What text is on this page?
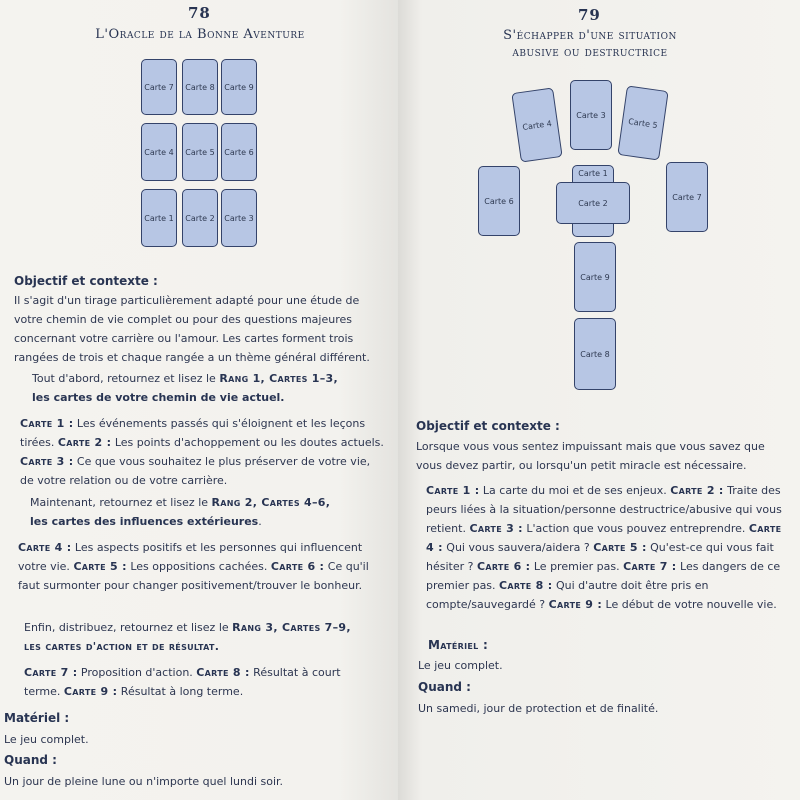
78
L'Oracle de la Bonne Aventure
Carte 7	Carte 8	Carte 9
Carte 4	Carte 5	Carte 6
Carte 1	Carte 2	Carte 3
Objectif et contexte :
Il s'agit d'un tirage particulièrement adapté pour une étude de votre chemin de vie complet ou pour des questions majeures concernant votre carrière ou l'amour. Les cartes forment trois rangées de trois et chaque rangée a un thème général différent.
Tout d'abord, retournez et lisez le Rang 1, Cartes 1–3,
les cartes de votre chemin de vie actuel.
Carte 1 : Les événements passés qui s'éloignent et les leçons tirées. Carte 2 : Les points d'achoppement ou les doutes actuels. Carte 3 : Ce que vous souhaitez le plus préserver de votre vie, de votre relation ou de votre carrière.
Maintenant, retournez et lisez le Rang 2, Cartes 4–6,
les cartes des influences extérieures.
Carte 4 : Les aspects positifs et les personnes qui influencent votre vie. Carte 5 : Les oppositions cachées. Carte 6 : Ce qu'il faut surmonter pour changer positivement/trouver le bonheur.
Enfin, distribuez, retournez et lisez le Rang 3, Cartes 7–9, les cartes d'action et de résultat.
Carte 7 : Proposition d'action. Carte 8 : Résultat à court terme. Carte 9 : Résultat à long terme.
Matériel :
Le jeu complet.
Quand :
Un jour de pleine lune ou n'importe quel lundi soir.
79
S'échapper d'une situation
abusive ou destructrice
Carte 4
Carte 3
Carte 5
Carte 6	Carte 7
Carte 1
Carte 2
Carte 9
Carte 8
Objectif et contexte :
Lorsque vous vous sentez impuissant mais que vous savez que vous devez partir, ou lorsqu'un petit miracle est nécessaire.
Carte 1 : La carte du moi et de ses enjeux. Carte 2 : Traite des peurs liées à la situation/personne destructrice/abusive qui vous retient. Carte 3 : L'action que vous pouvez entreprendre. Carte 4 : Qui vous sauvera/aidera ? Carte 5 : Qu'est-ce qui vous fait hésiter ? Carte 6 : Le premier pas. Carte 7 : Les dangers de ce premier pas. Carte 8 : Qui d'autre doit être pris en compte/sauvegardé ? Carte 9 : Le début de votre nouvelle vie.
Matériel :
Le jeu complet.
Quand :
Un samedi, jour de protection et de finalité.
